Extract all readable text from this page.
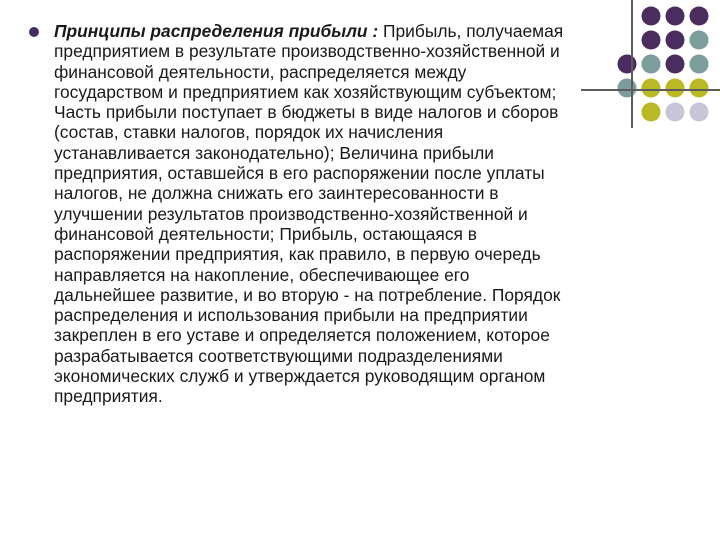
Принципы распределения прибыли : Прибыль, получаемая
предприятием в результате производственно-хозяйственной и
финансовой деятельности, распределяется между
государством и предприятием как хозяйствующим субъектом;
Часть прибыли поступает в бюджеты в виде налогов и сборов
(состав, ставки налогов, порядок их начисления
устанавливается законодательно); Величина прибыли
предприятия, оставшейся в его распоряжении после уплаты
налогов, не должна снижать его заинтересованности в
улучшении результатов производственно-хозяйственной и
финансовой деятельности; Прибыль, остающаяся в
распоряжении предприятия, как правило, в первую очередь
направляется на накопление, обеспечивающее его
дальнейшее развитие, и во вторую - на потребление. Порядок
распределения и использования прибыли на предприятии
закреплен в его уставе и определяется положением, которое
разрабатывается соответствующими подразделениями
экономических служб и утверждается руководящим органом
предприятия.
